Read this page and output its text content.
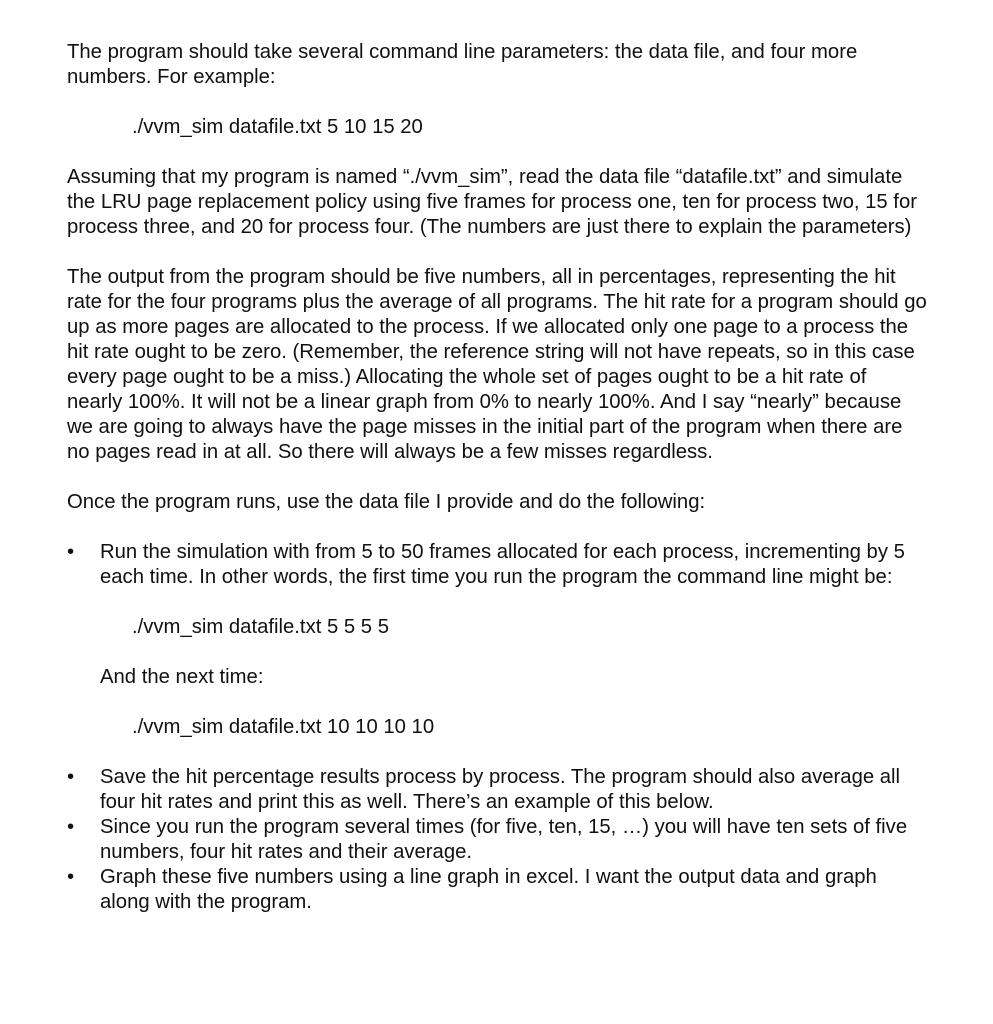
The program should take several command line parameters: the data file, and four more numbers. For example:

./vvm_sim datafile.txt 5 10 15 20

Assuming that my program is named “./vvm_sim”, read the data file “datafile.txt” and simulate the LRU page replacement policy using five frames for process one, ten for process two, 15 for process three, and 20 for process four. (The numbers are just there to explain the parameters)

The output from the program should be five numbers, all in percentages, representing the hit rate for the four programs plus the average of all programs. The hit rate for a program should go up as more pages are allocated to the process. If we allocated only one page to a process the hit rate ought to be zero. (Remember, the reference string will not have repeats, so in this case every page ought to be a miss.) Allocating the whole set of pages ought to be a hit rate of nearly 100%. It will not be a linear graph from 0% to nearly 100%. And I say “nearly” because we are going to always have the page misses in the initial part of the program when there are no pages read in at all. So there will always be a few misses regardless.

Once the program runs, use the data file I provide and do the following:

•	Run the simulation with from 5 to 50 frames allocated for each process, incrementing by 5 each time. In other words, the first time you run the program the command line might be:

./vvm_sim datafile.txt 5 5 5 5

And the next time:

./vvm_sim datafile.txt 10 10 10 10

•	Save the hit percentage results process by process. The program should also average all four hit rates and print this as well. There’s an example of this below.

•	Since you run the program several times (for five, ten, 15, …) you will have ten sets of five numbers, four hit rates and their average.

•	Graph these five numbers using a line graph in excel. I want the output data and graph along with the program.
